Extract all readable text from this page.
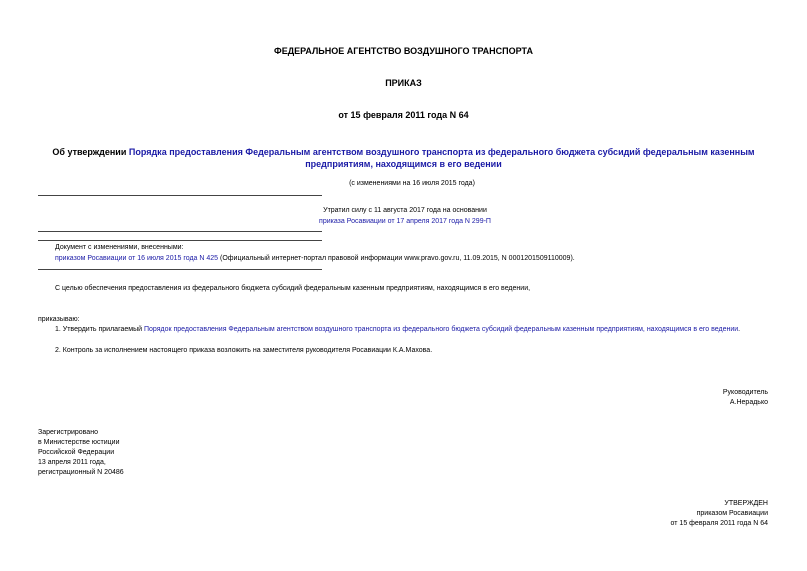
ФЕДЕРАЛЬНОЕ АГЕНТСТВО ВОЗДУШНОГО ТРАНСПОРТА
ПРИКАЗ
от 15 февраля 2011 года N 64
Об утверждении Порядка предоставления Федеральным агентством воздушного транспорта из федерального бюджета субсидий федеральным казенным
предприятиям, находящимся в его ведении
(с изменениями на 16 июля 2015 года)
Утратил силу с 11 августа 2017 года на основании
приказа Росавиации от 17 апреля 2017 года N 299-П
Документ с изменениями, внесенными:
приказом Росавиации от 16 июля 2015 года N 425 (Официальный интернет-портал правовой информации www.pravo.gov.ru, 11.09.2015, N 0001201509110009).
С целью обеспечения предоставления из федерального бюджета субсидий федеральным казенным предприятиям, находящимся в его ведении,
приказываю:
1. Утвердить прилагаемый Порядок предоставления Федеральным агентством воздушного транспорта из федерального бюджета субсидий федеральным казенным предприятиям, находящимся в его ведении.
2. Контроль за исполнением настоящего приказа возложить на заместителя руководителя Росавиации К.А.Махова.
Руководитель
А.Нерадько
Зарегистрировано
в Министерстве юстиции
Российской Федерации
13 апреля 2011 года,
регистрационный N 20486
УТВЕРЖДЕН
приказом Росавиации
от 15 февраля 2011 года N 64
